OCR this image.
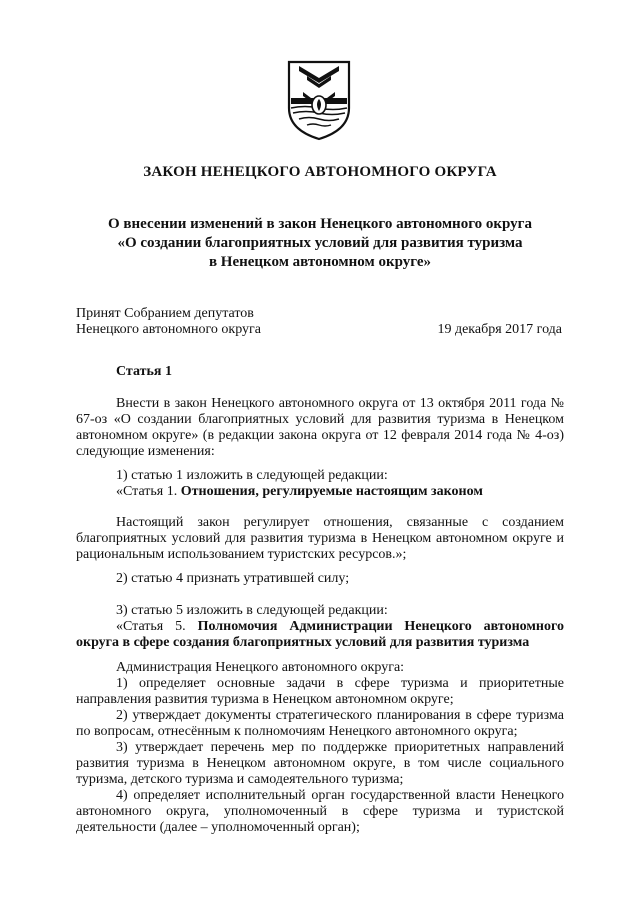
ЗАКОН НЕНЕЦКОГО АВТОНОМНОГО ОКРУГА
О внесении изменений в закон Ненецкого автономного округа
«О создании благоприятных условий для развития туризма
в Ненецком автономном округе»
Принят Собранием депутатов
Ненецкого автономного округа	19 декабря 2017 года
Статья 1

Внести в закон Ненецкого автономного округа от 13 октября 2011 года № 67-оз «О создании благоприятных условий для развития туризма в Ненецком автономном округе» (в редакции закона округа от 12 февраля 2014 года № 4-оз) следующие изменения:

1) статью 1 изложить в следующей редакции:

«Статья 1. Отношения, регулируемые настоящим законом

Настоящий закон регулирует отношения, связанные с созданием благоприятных условий для развития туризма в Ненецком автономном округе и рациональным использованием туристских ресурсов.»;

2) статью 4 признать утратившей силу;

3) статью 5 изложить в следующей редакции:

«Статья 5. Полномочия Администрации Ненецкого автономного округа в сфере создания благоприятных условий для развития туризма

Администрация Ненецкого автономного округа:

1) определяет основные задачи в сфере туризма и приоритетные направления развития туризма в Ненецком автономном округе;

2) утверждает документы стратегического планирования в сфере туризма по вопросам, отнесённым к полномочиям Ненецкого автономного округа;

3) утверждает перечень мер по поддержке приоритетных направлений развития туризма в Ненецком автономном округе, в том числе социального туризма, детского туризма и самодеятельного туризма;

4) определяет исполнительный орган государственной власти Ненецкого автономного округа, уполномоченный в сфере туризма и туристской деятельности (далее – уполномоченный орган);
